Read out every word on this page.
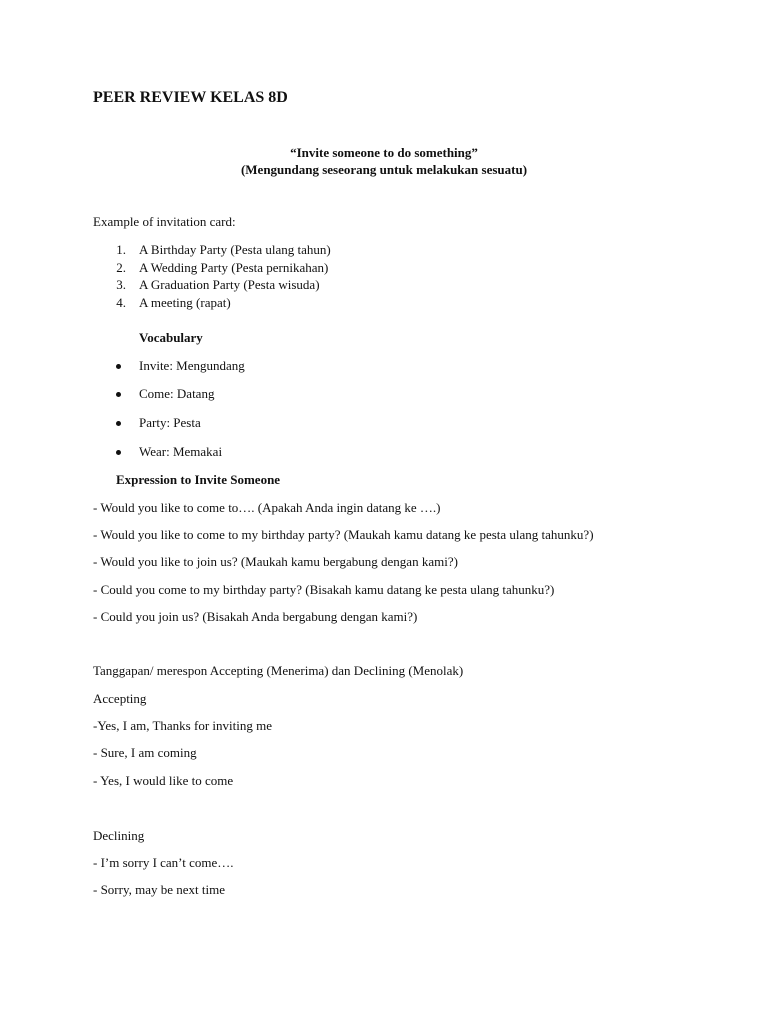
PEER REVIEW KELAS 8D
“Invite someone to do something”
(Mengundang seseorang untuk melakukan sesuatu)
Example of invitation card:
1. A Birthday Party (Pesta ulang tahun)
2. A Wedding Party (Pesta pernikahan)
3. A Graduation Party (Pesta wisuda)
4. A meeting (rapat)
Vocabulary
Invite: Mengundang
Come: Datang
Party: Pesta
Wear: Memakai
Expression to Invite Someone
- Would you like to come to…. (Apakah Anda ingin datang ke ….)
- Would you like to come to my birthday party? (Maukah kamu datang ke pesta ulang tahunku?)
- Would you like to join us? (Maukah kamu bergabung dengan kami?)
- Could you come to my birthday party? (Bisakah kamu datang ke pesta ulang tahunku?)
- Could you join us? (Bisakah Anda bergabung dengan kami?)
Tanggapan/ merespon Accepting (Menerima) dan Declining (Menolak)
Accepting
-Yes, I am, Thanks for inviting me
- Sure, I am coming
- Yes, I would like to come
Declining
- I’m sorry I can’t come….
- Sorry, may be next time
